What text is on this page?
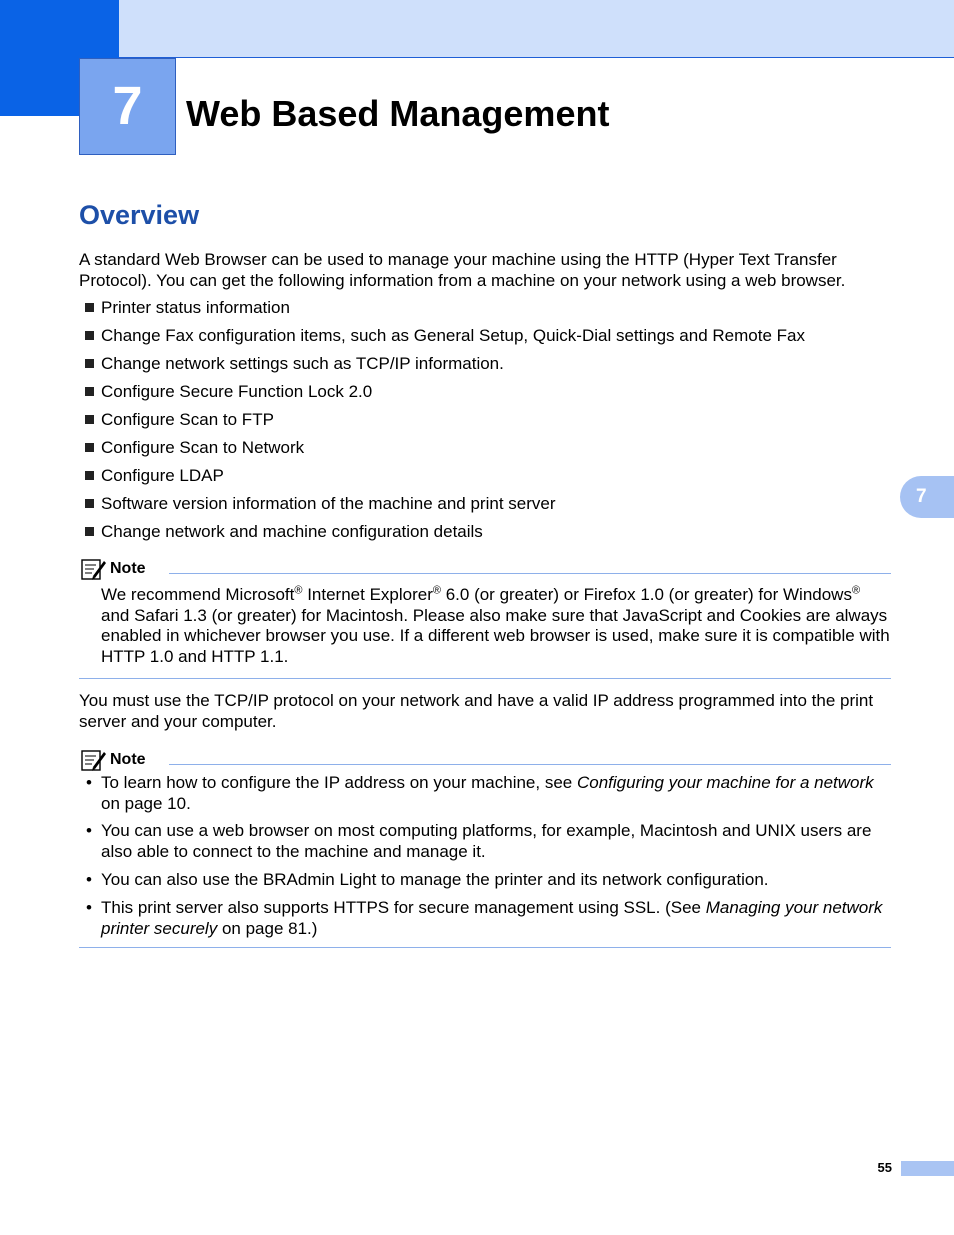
7	Web Based Management
Overview

A standard Web Browser can be used to manage your machine using the HTTP (Hyper Text Transfer Protocol). You can get the following information from a machine on your network using a web browser.

Printer status information
Change Fax configuration items, such as General Setup, Quick-Dial settings and Remote Fax
Change network settings such as TCP/IP information.
Configure Secure Function Lock 2.0
Configure Scan to FTP
Configure Scan to Network
Configure LDAP
Software version information of the machine and print server
Change network and machine configuration details
7
Note

We recommend Microsoft® Internet Explorer® 6.0 (or greater) or Firefox 1.0 (or greater) for Windows® and Safari 1.3 (or greater) for Macintosh. Please also make sure that JavaScript and Cookies are always enabled in whichever browser you use. If a different web browser is used, make sure it is compatible with HTTP 1.0 and HTTP 1.1.

You must use the TCP/IP protocol on your network and have a valid IP address programmed into the print server and your computer.

Note
• To learn how to configure the IP address on your machine, see Configuring your machine for a network on page 10.
• You can use a web browser on most computing platforms, for example, Macintosh and UNIX users are also able to connect to the machine and manage it.
• You can also use the BRAdmin Light to manage the printer and its network configuration.
• This print server also supports HTTPS for secure management using SSL. (See Managing your network printer securely on page 81.)
55
